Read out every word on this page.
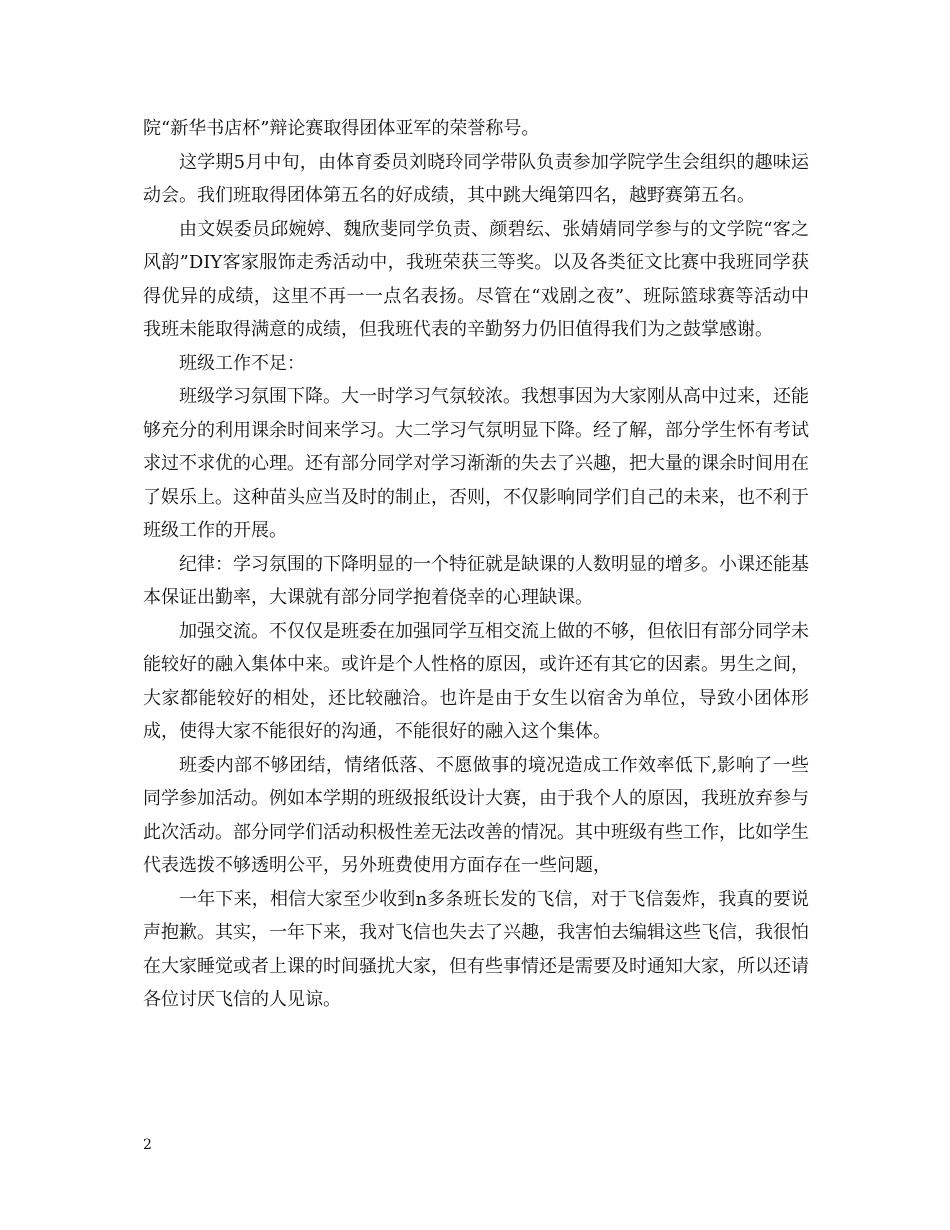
院“新华书店杯”辩论赛取得团体亚军的荣誉称号。

这学期5月中旬，由体育委员刘晓玲同学带队负责参加学院学生会组织的趣味运动会。我们班取得团体第五名的好成绩，其中跳大绳第四名，越野赛第五名。

由文娱委员邱婉婷、魏欣斐同学负责、颜碧纭、张婧婧同学参与的文学院“客之风韵”DIY客家服饰走秀活动中，我班荣获三等奖。以及各类征文比赛中我班同学获得优异的成绩，这里不再一一点名表扬。尽管在“戏剧之夜”、班际篮球赛等活动中我班未能取得满意的成绩，但我班代表的辛勤努力仍旧值得我们为之鼓掌感谢。

班级工作不足：

班级学习氛围下降。大一时学习气氛较浓。我想事因为大家刚从高中过来，还能够充分的利用课余时间来学习。大二学习气氛明显下降。经了解，部分学生怀有考试求过不求优的心理。还有部分同学对学习渐渐的失去了兴趣，把大量的课余时间用在了娱乐上。这种苗头应当及时的制止，否则，不仅影响同学们自己的未来，也不利于班级工作的开展。

纪律：学习氛围的下降明显的一个特征就是缺课的人数明显的增多。小课还能基本保证出勤率，大课就有部分同学抱着侥幸的心理缺课。

加强交流。不仅仅是班委在加强同学互相交流上做的不够，但依旧有部分同学未能较好的融入集体中来。或许是个人性格的原因，或许还有其它的因素。男生之间，大家都能较好的相处，还比较融洽。也许是由于女生以宿舍为单位，导致小团体形成，使得大家不能很好的沟通，不能很好的融入这个集体。

班委内部不够团结，情绪低落、不愿做事的境况造成工作效率低下,影响了一些同学参加活动。例如本学期的班级报纸设计大赛，由于我个人的原因，我班放弃参与此次活动。部分同学们活动积极性差无法改善的情况。其中班级有些工作，比如学生代表选拨不够透明公平，另外班费使用方面存在一些问题，

一年下来，相信大家至少收到n多条班长发的飞信，对于飞信轰炸，我真的要说声抱歉。其实，一年下来，我对飞信也失去了兴趣，我害怕去编辑这些飞信，我很怕在大家睡觉或者上课的时间骚扰大家，但有些事情还是需要及时通知大家，所以还请各位讨厌飞信的人见谅。

2
